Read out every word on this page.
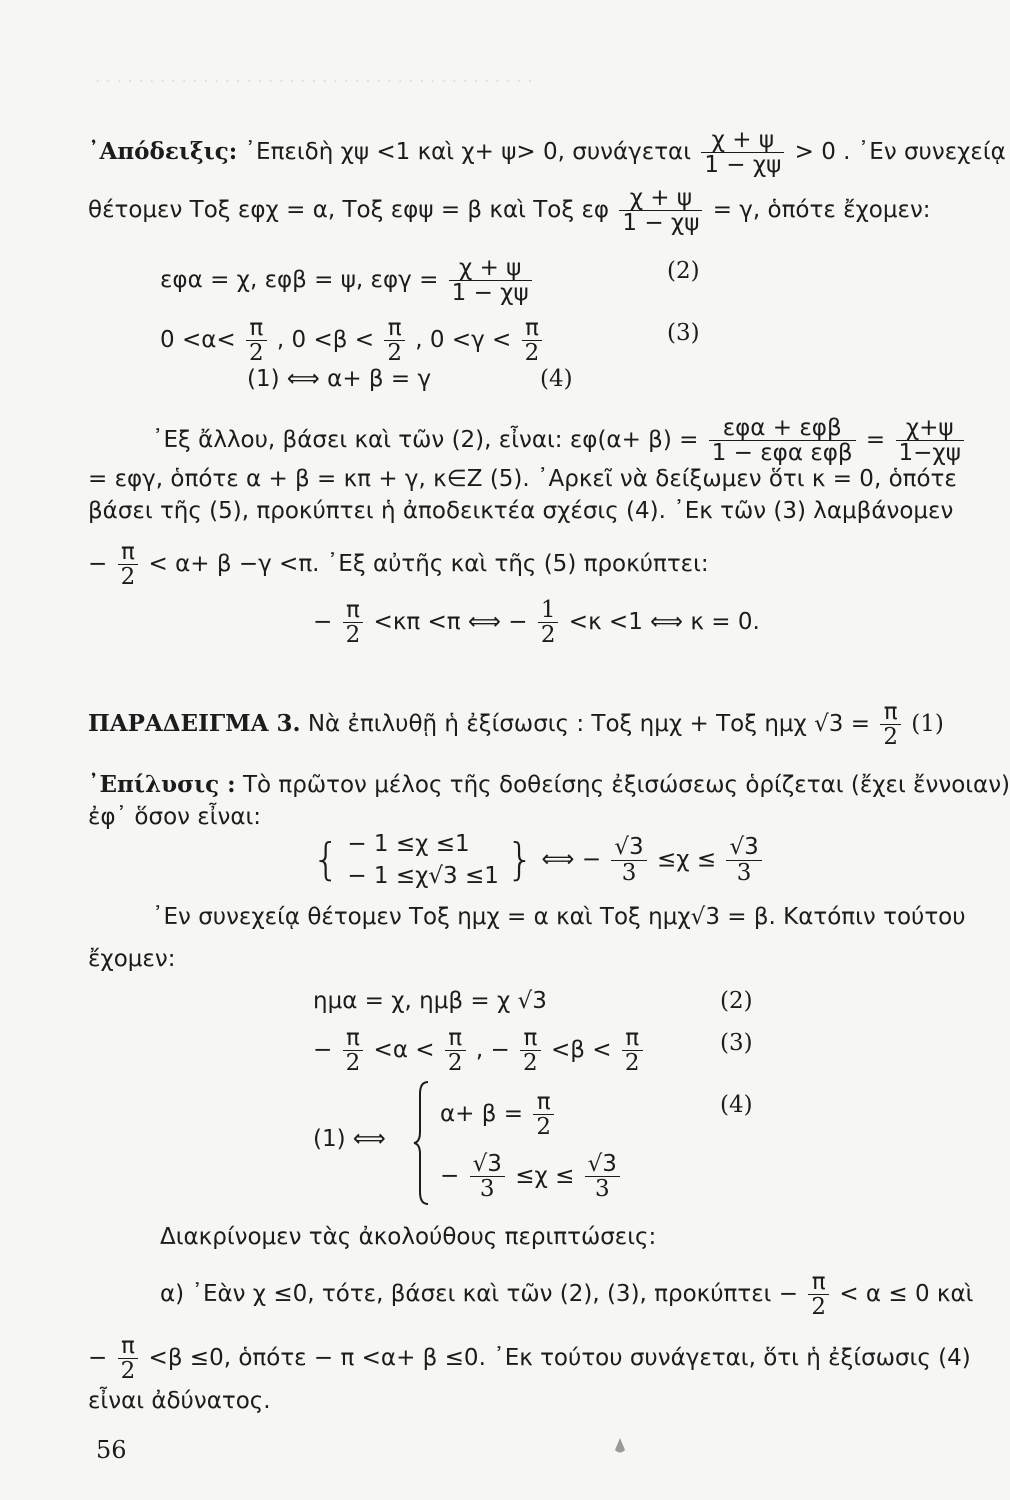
· · · · · · · · · · · · · · · · · · · · · · · · · · · · · · · · · · · · · · · · ·
᾿Απόδειξις: ᾿Επειδὴ χψ <1 καὶ χ+ ψ> 0, συνάγεται $\frac{\chi + \psi}{1 - \chi\psi} > 0$ . ᾿Εν συνεχείᾳ
θέτομεν Τοξ εφχ = α, Τοξ εφψ = β καὶ Τοξ εφ $\frac{\chi + \psi}{1 - \chi\psi} = \gamma$, ὁπότε ἔχομεν:
εφα = χ, εφβ = ψ, $\varepsilon\varphi\gamma = \frac{\chi + \psi}{1 - \chi\psi}$	(2)
$0 <\alpha< \frac{\pi}{2}$ , $0 <\beta < \frac{\pi}{2}$ , $0 <\gamma < \frac{\pi}{2}$	(3)
(1) ⟺ α+ β = γ	(4)
᾿Εξ ἄλλου, βάσει καὶ τῶν (2), εἶναι: $\varepsilon\varphi(\alpha+ \beta) = \frac{\text{εφα + εφβ}}{\text{1 − εφα εφβ}} = \frac{\chi+\psi}{1-\chi\psi}$
= εφγ, ὁπότε α + β = κπ + γ, κ∈Z (5). ᾿Αρκεῖ νὰ δείξωμεν ὅτι κ = 0, ὁπότε
βάσει τῆς (5), προκύπτει ἡ ἀποδεικτέα σχέσις (4). ᾿Εκ τῶν (3) λαμβάνομεν
− $\frac{\pi}{2} < \alpha+ \beta -\gamma <\pi$. ᾿Εξ αὐτῆς καὶ τῆς (5) προκύπτει:
− $\frac{\pi}{2} <\kappa\pi <\pi$ ⟺ − $\frac{1}{2} <\kappa <1$ ⟺ κ = 0.
ΠΑΡΑΔΕΙΓΜΑ 3. Νὰ ἐπιλυθῇ ἡ ἐξίσωσις : Τοξ ημχ + Τοξ ημχ $√3 = \frac{\pi}{2} (1)$
᾿Επίλυσις : Τὸ πρῶτον μέλος τῆς δοθείσης ἐξισώσεως ὁρίζεται (ἔχει ἔννοιαν)
ἐφ᾿ ὅσον εἶναι:
{ − 1 ≤χ ≤1
− 1 ≤χ√3 ≤1 } ⟺ − $\frac{√3}{3} \le\chi \le \frac{√3}{3}$
᾿Εν συνεχείᾳ θέτομεν Τοξ ημχ = α καὶ Τοξ ημχ√3 = β. Κατόπιν τούτου
ἔχομεν:
ημα = χ, ημβ = χ √3	(2)
− $\frac{\pi}{2} <\alpha < \frac{\pi}{2}$ , − $\frac{\pi}{2} <\beta < \frac{\pi}{2}$	(3)
(1) ⟺
$\alpha+ \beta = \frac{\pi}{2}$	(4)
− $\frac{√3}{3} \le\chi \le \frac{√3}{3}$
Διακρίνομεν τὰς ἀκολούθους περιπτώσεις:
α) ᾿Εὰν χ ≤0, τότε, βάσει καὶ τῶν (2), (3), $\pi\rho o\kappa ύ\pi\tau\varepsilon\iota - \frac{\pi}{2} < \alpha \le 0$ καὶ
− $\frac{\pi}{2} <\beta \le 0$, ὁπότε − π <α+ β ≤0. ᾿Εκ τούτου συνάγεται, ὅτι ἡ ἐξίσωσις (4)
εἶναι ἀδύνατος.
56
